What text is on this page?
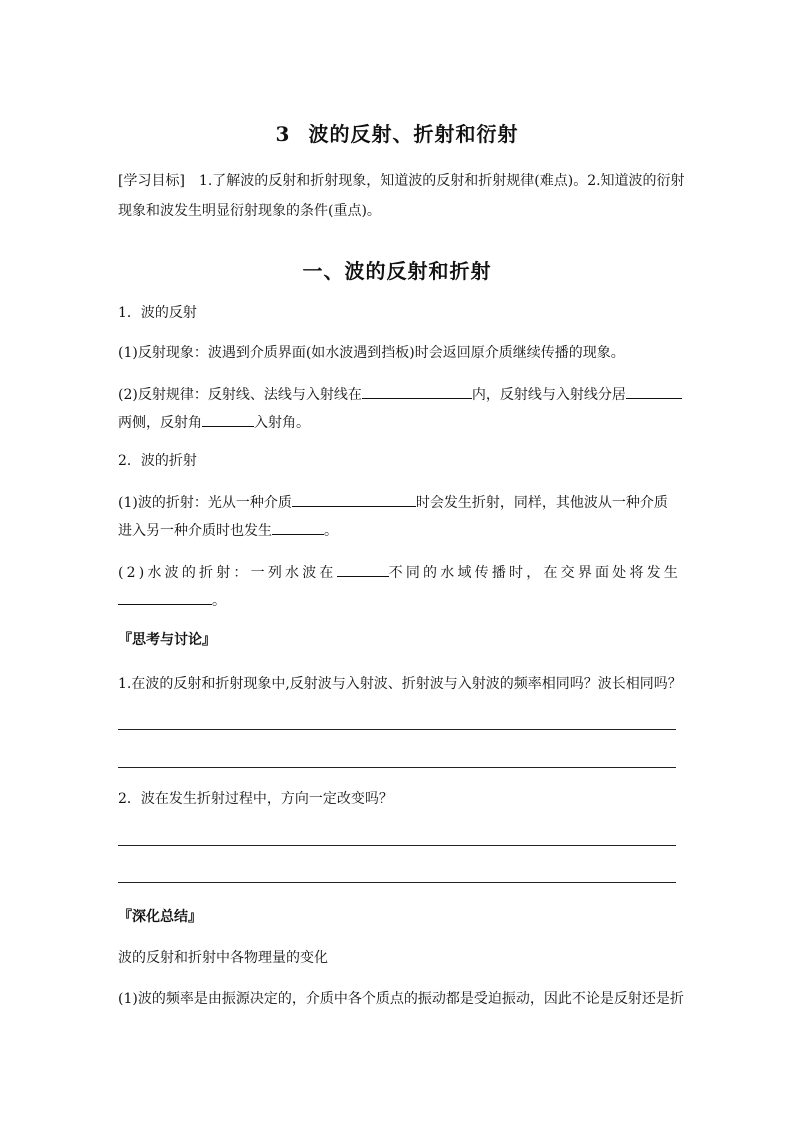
3 波的反射、折射和衍射
[学习目标]　1.了解波的反射和折射现象，知道波的反射和折射规律(难点)。2.知道波的衍射
现象和波发生明显衍射现象的条件(重点)。
一、波的反射和折射
1．波的反射
(1)反射现象：波遇到介质界面(如水波遇到挡板)时会返回原介质继续传播的现象。
(2)反射规律：反射线、法线与入射线在	内，反射线与入射线分居
两侧，反射角	入射角。
2．波的折射
(1)波的折射：光从一种介质	时会发生折射，同样，其他波从一种介质
进入另一种介质时也发生	。
(2)水波的折射：一列水波在	不同的水域传播时，在交界面处将发生
。
『思考与讨论』
1.在波的反射和折射现象中,反射波与入射波、折射波与入射波的频率相同吗？波长相同吗？
2．波在发生折射过程中，方向一定改变吗？
『深化总结』
波的反射和折射中各物理量的变化
(1)波的频率是由振源决定的，介质中各个质点的振动都是受迫振动，因此不论是反射还是折
